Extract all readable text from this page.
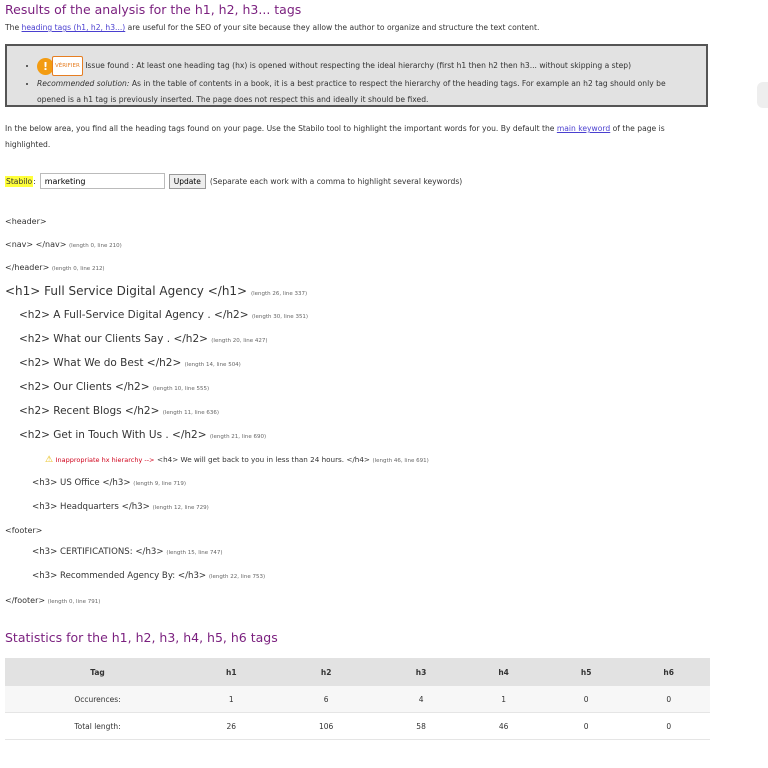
Results of the analysis for the h1, h2, h3... tags
The heading tags (h1, h2, h3...) are useful for the SEO of your site because they allow the author to organize and structure the text content.
• ! VÉRIFIER Issue found : At least one heading tag (hx) is opened without respecting the ideal hierarchy (first h1 then h2 then h3... without skipping a step)
• Recommended solution: As in the table of contents in a book, it is a best practice to respect the hierarchy of the heading tags. For example an h2 tag should only be opened is a h1 tag is previously inserted. The page does not respect this and ideally it should be fixed.
In the below area, you find all the heading tags found on your page. Use the Stabilo tool to highlight the important words for you. By default the main keyword of the page is highlighted.
Stabilo :
marketing	Update	(Separate each work with a comma to highlight several keywords)
<header>
<nav> </nav> (length 0, line 210)
</header> (length 0, line 212)
<h1> Full Service Digital Agency </h1> (length 26, line 337)
<h2> A Full-Service Digital Agency . </h2> (length 30, line 351)
<h2> What our Clients Say . </h2> (length 20, line 427)
<h2> What We do Best </h2> (length 14, line 504)
<h2> Our Clients </h2> (length 10, line 555)
<h2> Recent Blogs </h2> (length 11, line 636)
<h2> Get in Touch With Us . </h2> (length 21, line 690)
⚠ Inappropriate hx hierarchy --> <h4> We will get back to you in less than 24 hours. </h4> (length 46, line 691)
<h3> US Office </h3> (length 9, line 719)
<h3> Headquarters </h3> (length 12, line 729)
<footer>
<h3> CERTIFICATIONS: </h3> (length 15, line 747)
<h3> Recommended Agency By: </h3> (length 22, line 753)
</footer> (length 0, line 791)
Statistics for the h1, h2, h3, h4, h5, h6 tags
Tag	h1	h2	h3	h4	h5	h6
Occurences:	1	6	4	1	0	0
Total length:	26	106	58	46	0	0
